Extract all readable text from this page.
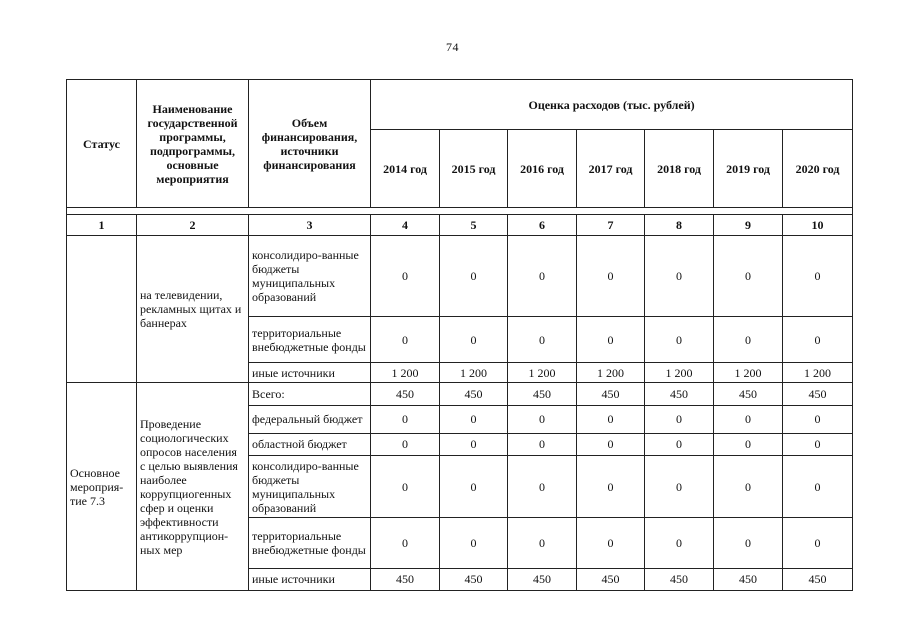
74
Статус	Наименование государственной программы, подпрограммы, основные мероприятия	Объем финансирования, источники финансирования	Оценка расходов (тыс. рублей)						
			2014 год	2015 год	2016 год	2017 год	2018 год	2019 год	2020 год

1	2	3	4	5	6	7	8	9	10
	на телевидении, рекламных щитах и баннерах	консолидиро-ванные бюджеты муниципальных образований	0	0	0	0	0	0	0
		территориальные внебюджетные фонды	0	0	0	0	0	0	0
		иные источники	1 200	1 200	1 200	1 200	1 200	1 200	1 200
Основное мероприя-тие 7.3	Проведение социологических опросов населения с целью выявления наиболее коррупциогенных сфер и оценки эффективности антикоррупцион-ных мер	Всего:	450	450	450	450	450	450	450
		федеральный бюджет	0	0	0	0	0	0	0
		областной бюджет	0	0	0	0	0	0	0
		консолидиро-ванные бюджеты муниципальных образований	0	0	0	0	0	0	0
		территориальные внебюджетные фонды	0	0	0	0	0	0	0
		иные источники	450	450	450	450	450	450	450
